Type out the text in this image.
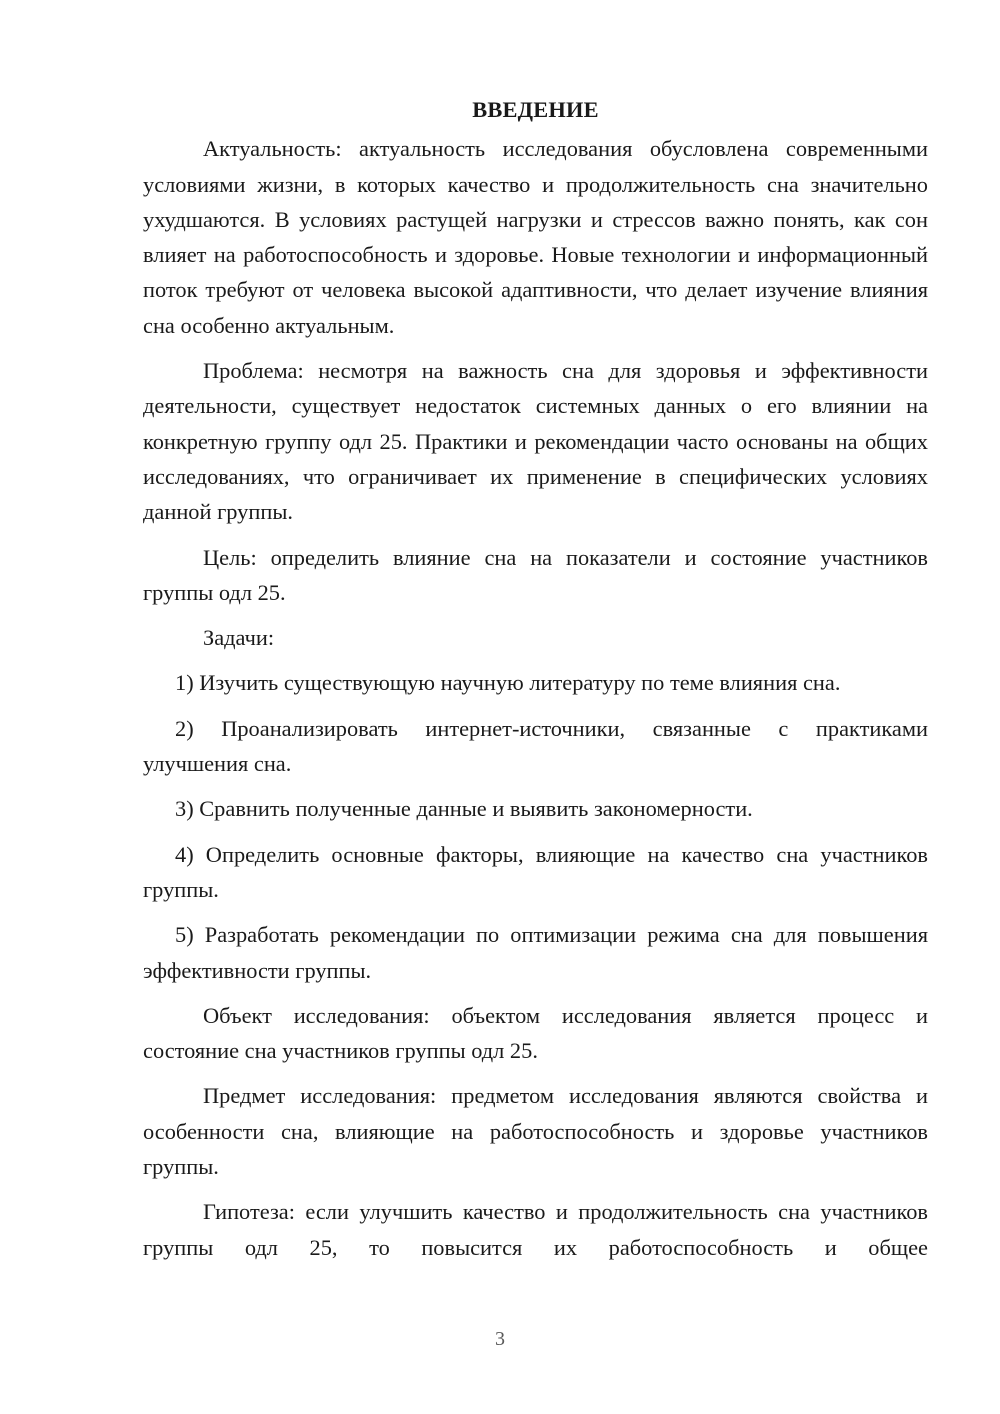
ВВЕДЕНИЕ

Актуальность: актуальность исследования обусловлена современными условиями жизни, в которых качество и продолжительность сна значительно ухудшаются. В условиях растущей нагрузки и стрессов важно понять, как сон влияет на работоспособность и здоровье. Новые технологии и информационный поток требуют от человека высокой адаптивности, что делает изучение влияния сна особенно актуальным.

Проблема: несмотря на важность сна для здоровья и эффективности деятельности, существует недостаток системных данных о его влиянии на конкретную группу одл 25. Практики и рекомендации часто основаны на общих исследованиях, что ограничивает их применение в специфических условиях данной группы.

Цель: определить влияние сна на показатели и состояние участников группы одл 25.

Задачи:

1) Изучить существующую научную литературу по теме влияния сна.

2) Проанализировать интернет-источники, связанные с практиками улучшения сна.

3) Сравнить полученные данные и выявить закономерности.

4) Определить основные факторы, влияющие на качество сна участников группы.

5) Разработать рекомендации по оптимизации режима сна для повышения эффективности группы.

Объект исследования: объектом исследования является процесс и состояние сна участников группы одл 25.

Предмет исследования: предметом исследования являются свойства и особенности сна, влияющие на работоспособность и здоровье участников группы.

Гипотеза: если улучшить качество и продолжительность сна участников группы одл 25, то повысится их работоспособность и общее

3
